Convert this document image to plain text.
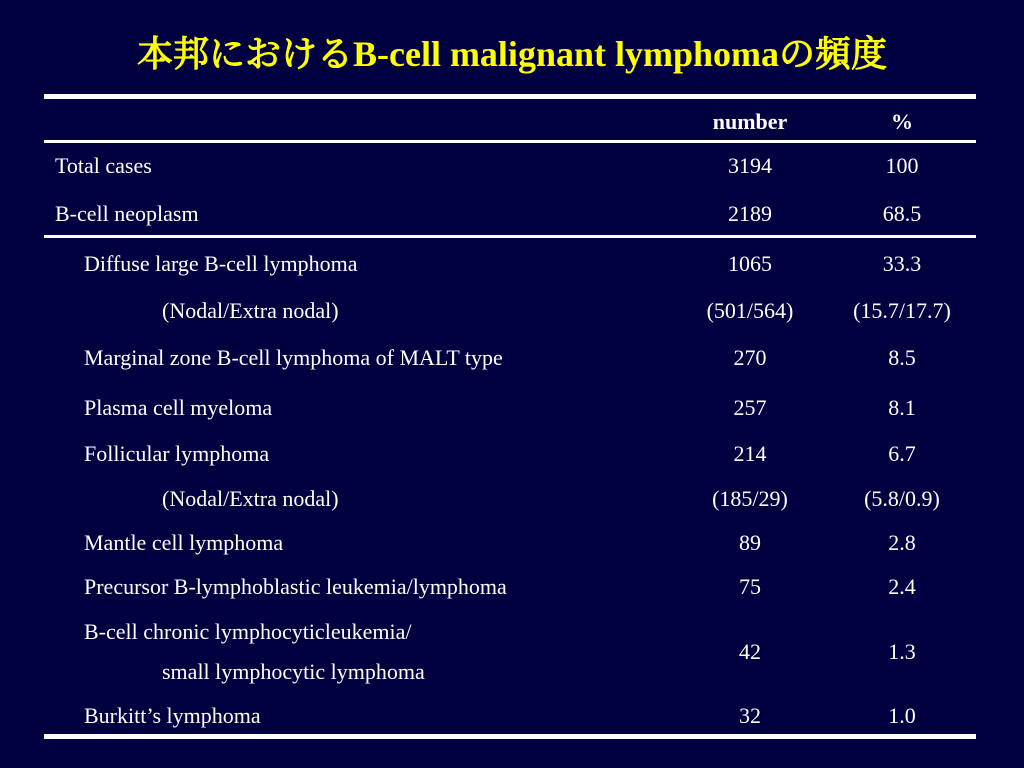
本邦におけるB-cell malignant lymphomaの頻度
number	%
Total cases	3194	100
B-cell neoplasm	2189	68.5
Diffuse large B-cell lymphoma	1065	33.3
(Nodal/Extra nodal)	(501/564)	(15.7/17.7)
Marginal zone B-cell lymphoma of MALT type	270	8.5
Plasma cell myeloma	257	8.1
Follicular lymphoma	214	6.7
(Nodal/Extra nodal)	(185/29)	(5.8/0.9)
Mantle cell lymphoma	89	2.8
Precursor B-lymphoblastic leukemia/lymphoma	75	2.4
B-cell chronic lymphocyticleukemia/
small lymphocytic lymphoma
42	1.3
Burkitt’s lymphoma	32	1.0
